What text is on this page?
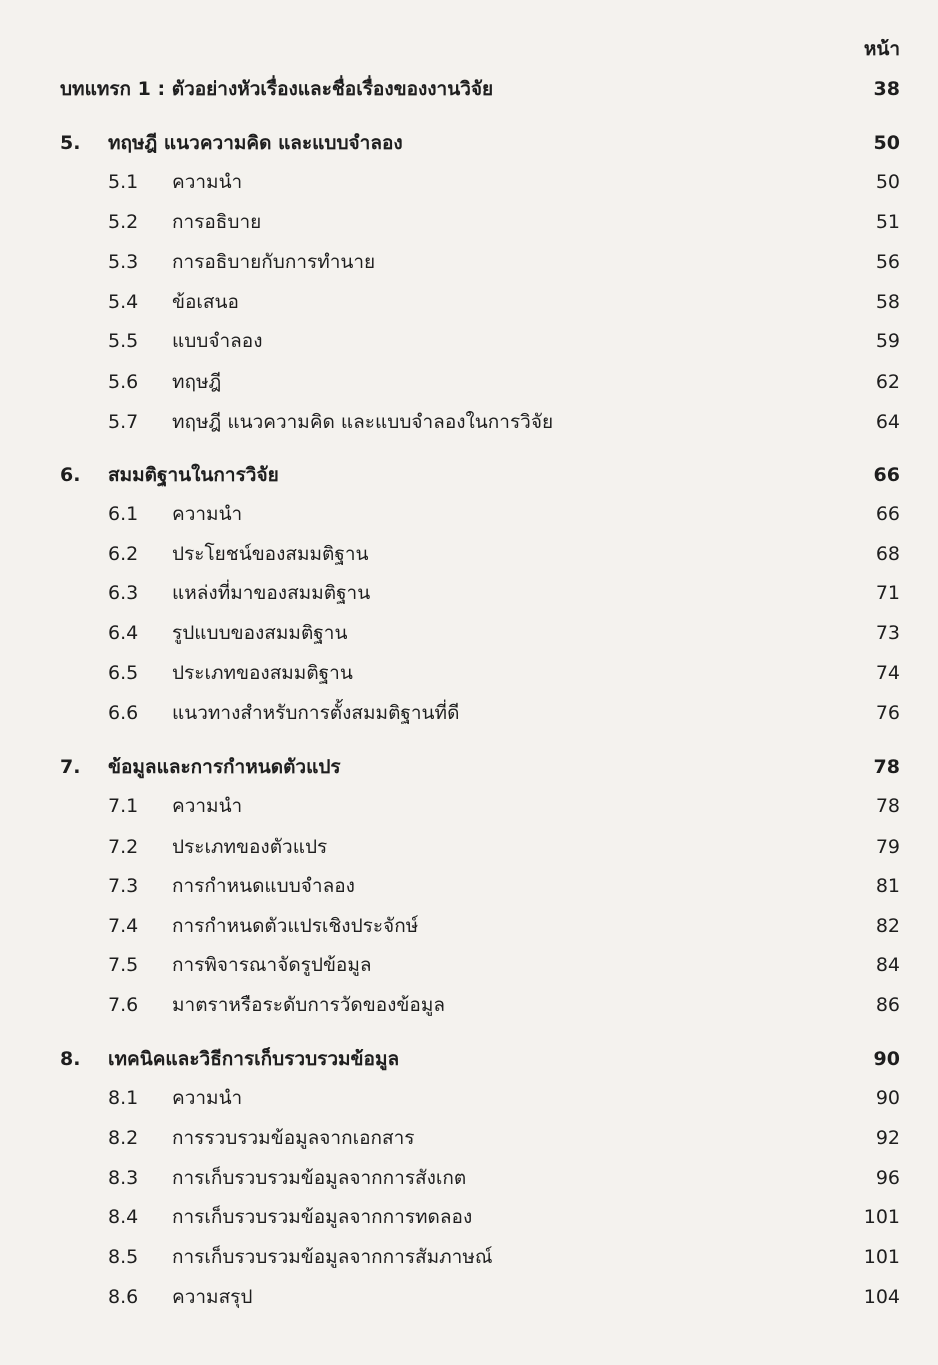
หน้า
บทแทรก 1 : ตัวอย่างหัวเรื่องและชื่อเรื่องของงานวิจัย	38
5. ทฤษฎี แนวความคิด และแบบจำลอง	50
5.1 ความนำ	50
5.2 การอธิบาย	51
5.3 การอธิบายกับการทำนาย	56
5.4 ข้อเสนอ	58
5.5 แบบจำลอง	59
5.6 ทฤษฎี	62
5.7 ทฤษฎี แนวความคิด และแบบจำลองในการวิจัย	64
6. สมมติฐานในการวิจัย	66
6.1 ความนำ	66
6.2 ประโยชน์ของสมมติฐาน	68
6.3 แหล่งที่มาของสมมติฐาน	71
6.4 รูปแบบของสมมติฐาน	73
6.5 ประเภทของสมมติฐาน	74
6.6 แนวทางสำหรับการตั้งสมมติฐานที่ดี	76
7. ข้อมูลและการกำหนดตัวแปร	78
7.1 ความนำ	78
7.2 ประเภทของตัวแปร	79
7.3 การกำหนดแบบจำลอง	81
7.4 การกำหนดตัวแปรเชิงประจักษ์	82
7.5 การพิจารณาจัดรูปข้อมูล	84
7.6 มาตราหรือระดับการวัดของข้อมูล	86
8. เทคนิคและวิธีการเก็บรวบรวมข้อมูล	90
8.1 ความนำ	90
8.2 การรวบรวมข้อมูลจากเอกสาร	92
8.3 การเก็บรวบรวมข้อมูลจากการสังเกต	96
8.4 การเก็บรวบรวมข้อมูลจากการทดลอง	101
8.5 การเก็บรวบรวมข้อมูลจากการสัมภาษณ์	101
8.6 ความสรุป	104
